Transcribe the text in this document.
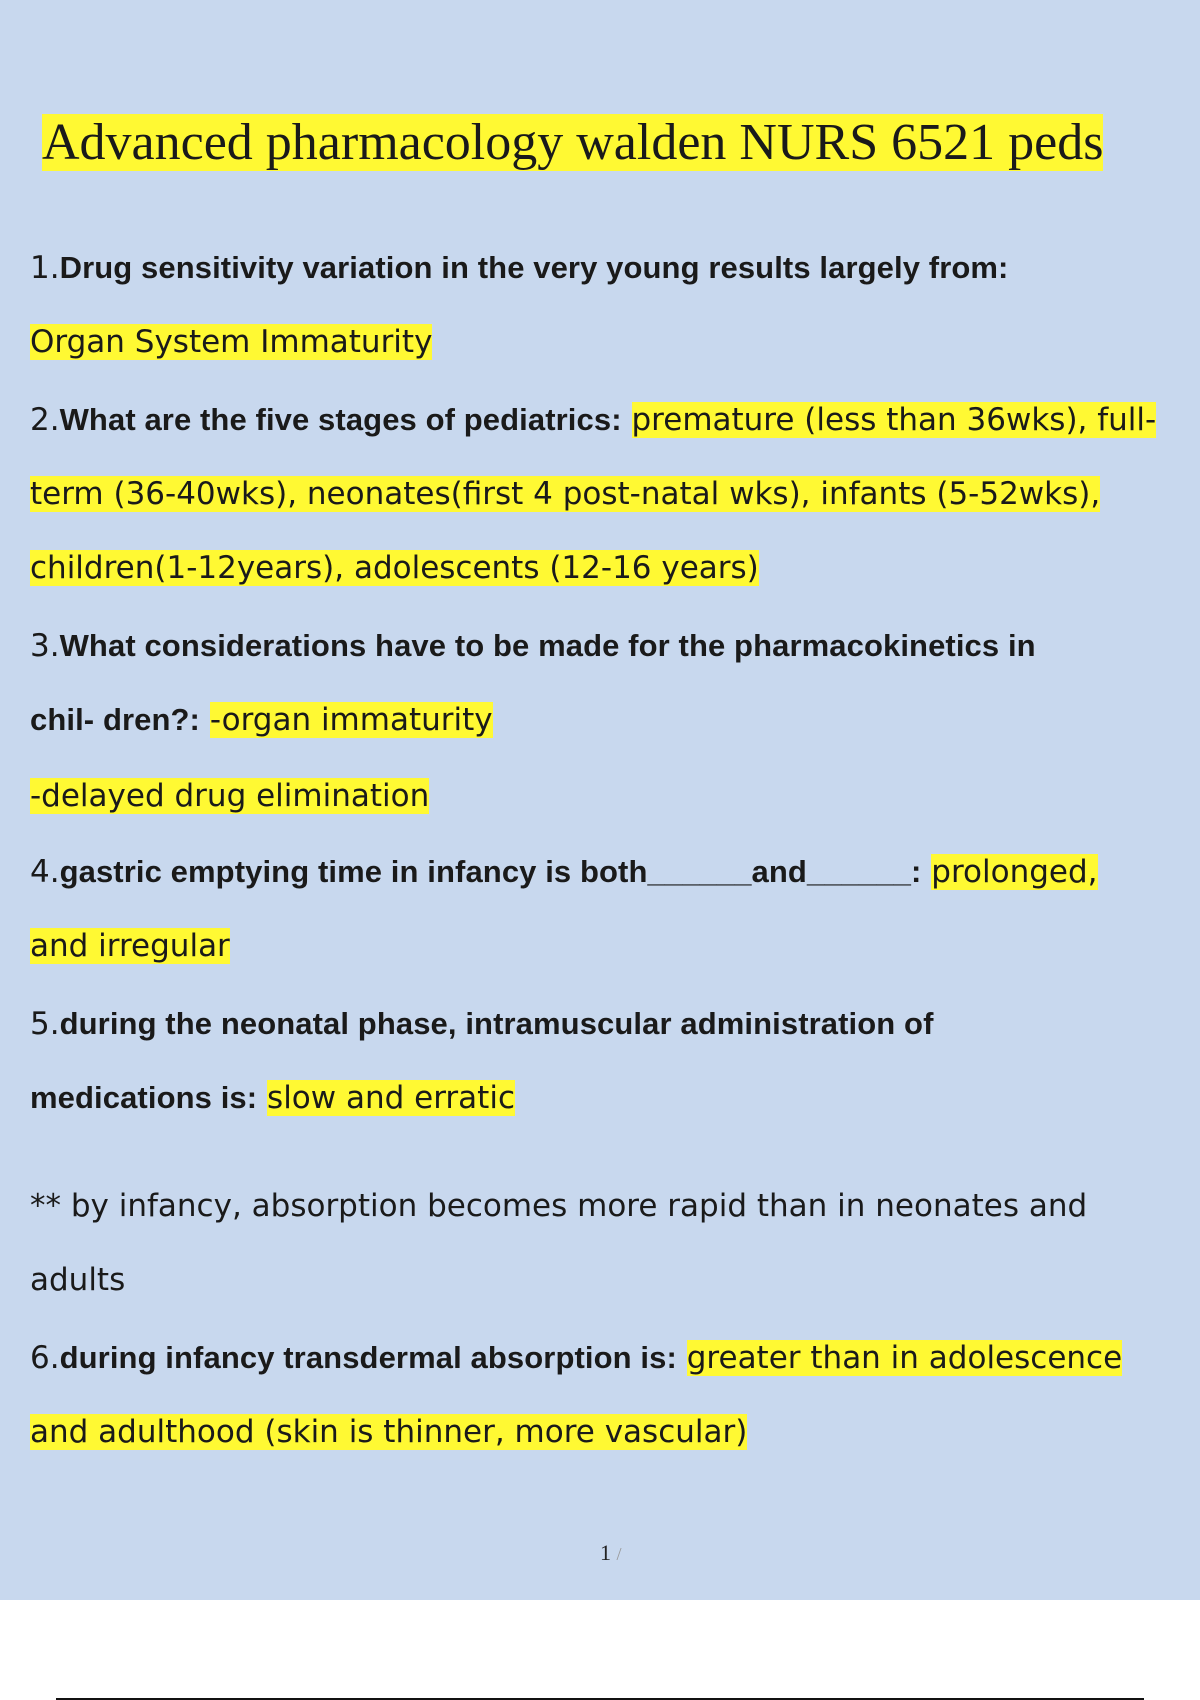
Advanced pharmacology walden NURS 6521 peds

1.Drug sensitivity variation in the very young results largely from:

Organ System Immaturity

2.What are the five stages of pediatrics: premature (less than 36wks), full-

term (36-40wks), neonates(first 4 post-natal wks), infants (5-52wks),

children(1-12years), adolescents (12-16 years)

3.What considerations have to be made for the pharmacokinetics in

chil- dren?: -organ immaturity

-delayed drug elimination

4.gastric emptying time in infancy is both______and______: prolonged,

and irregular

5.during the neonatal phase, intramuscular administration of

medications is: slow and erratic

** by infancy, absorption becomes more rapid than in neonates and

adults

6.during infancy transdermal absorption is: greater than in adolescence

and adulthood (skin is thinner, more vascular)

1 /
